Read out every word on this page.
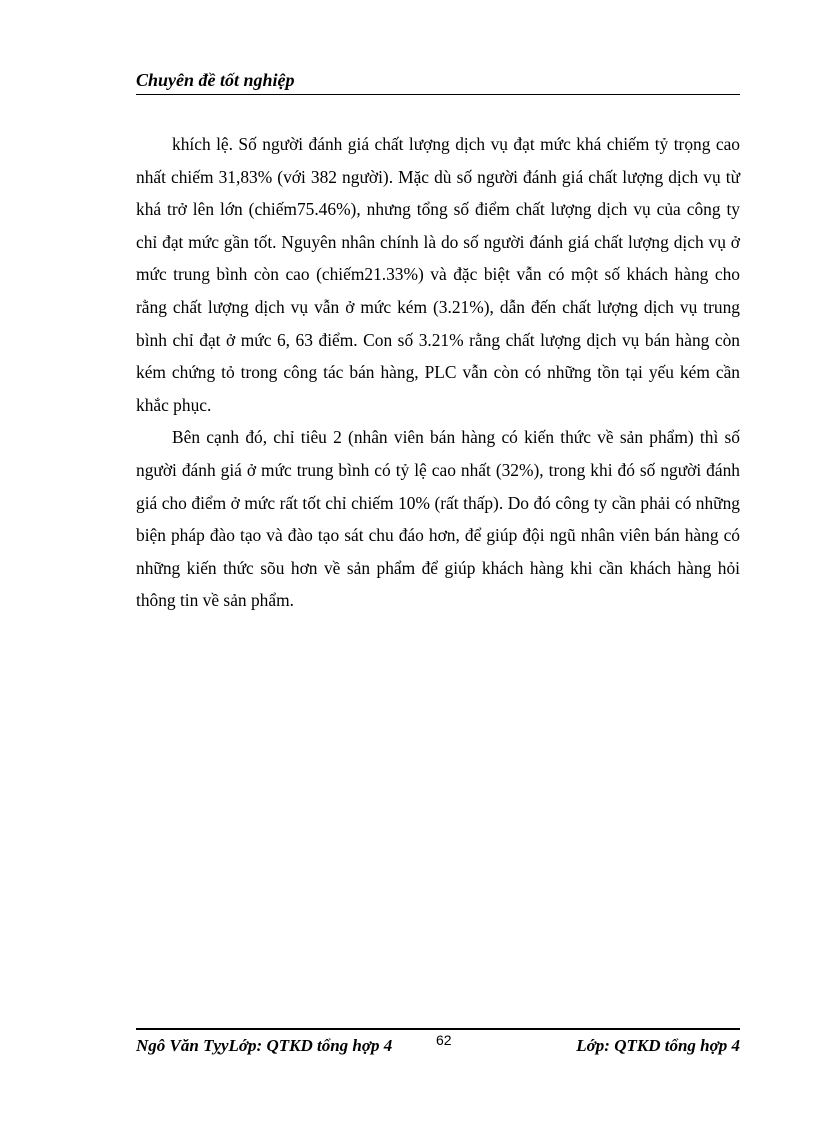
Chuyên đề tốt nghiệp

khích lệ. Số người đánh giá chất lượng dịch vụ đạt mức khá chiếm tỷ trọng cao nhất chiếm 31,83% (với 382 người). Mặc dù số người đánh giá chất lượng dịch vụ từ khá trở lên lớn (chiếm75.46%), nhưng tổng số điểm chất lượng dịch vụ của công ty chỉ đạt mức gần tốt. Nguyên nhân chính là do số người đánh giá chất lượng dịch vụ ở mức trung bình còn cao (chiếm21.33%) và đặc biệt vẫn có một số khách hàng cho rằng chất lượng dịch vụ vẫn ở mức kém (3.21%), dẫn đến chất lượng dịch vụ trung bình chỉ đạt ở mức 6, 63 điểm. Con số 3.21% rằng chất lượng dịch vụ bán hàng còn kém chứng tỏ trong công tác bán hàng, PLC vẫn còn có những tồn tại yếu kém cần khắc phục.

Bên cạnh đó, chỉ tiêu 2 (nhân viên bán hàng có kiến thức về sản phẩm) thì số người đánh giá ở mức trung bình có tỷ lệ cao nhất (32%), trong khi đó số người đánh giá cho điểm ở mức rất tốt chỉ chiếm 10% (rất thấp). Do đó công ty cần phải có những biện pháp đào tạo và đào tạo sát chu đáo hơn, để giúp đội ngũ nhân viên bán hàng có những kiến thức sõu hơn về sản phẩm để giúp khách hàng khi cần khách hàng hỏi thông tin về sản phẩm.

Ngô Văn TỵyLớp: QTKD tổng hợp 4	62	Lớp: QTKD tổng hợp 4
